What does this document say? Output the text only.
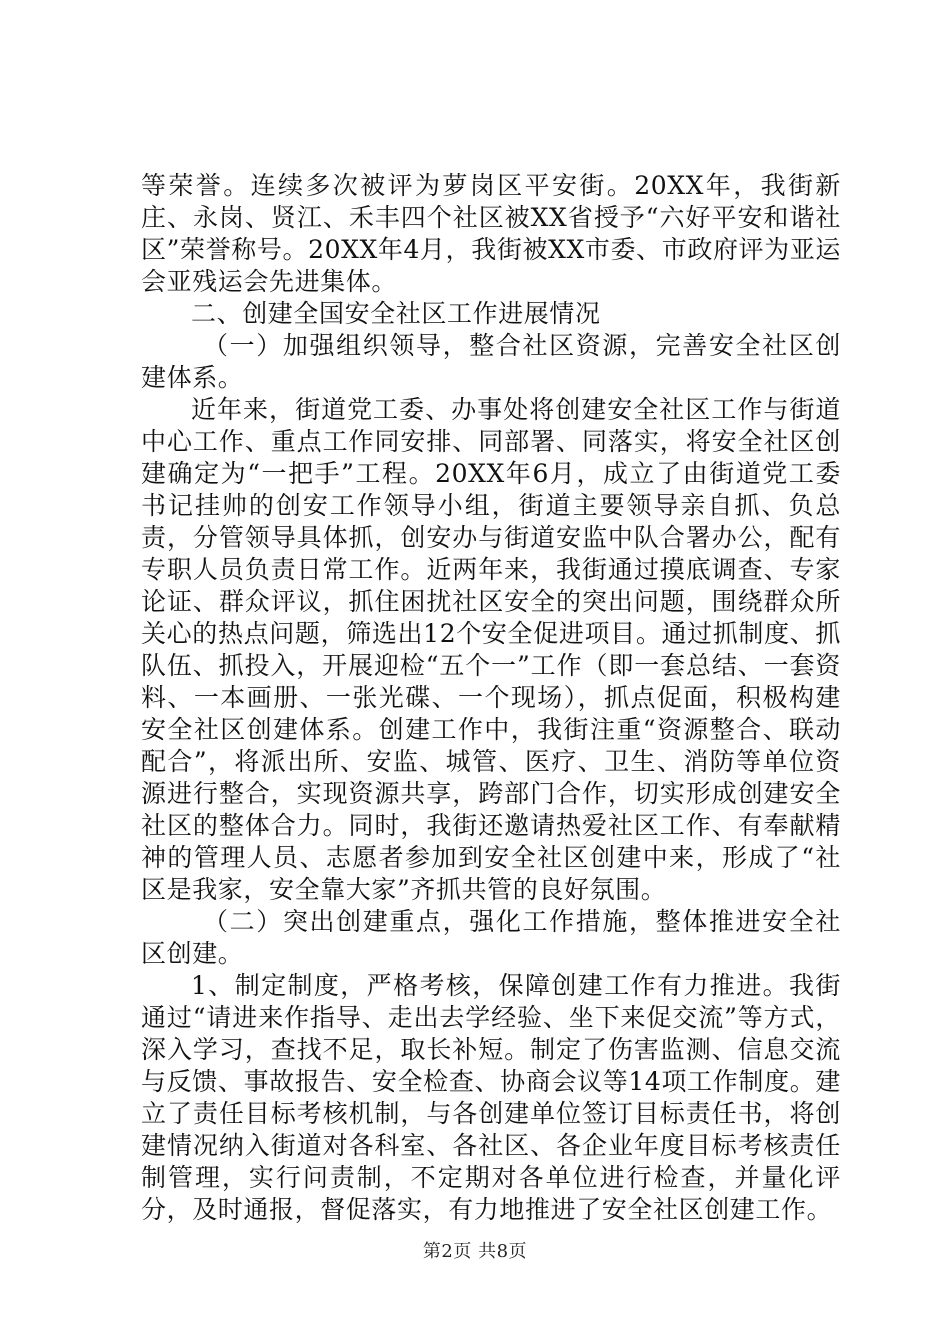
等荣誉。连续多次被评为萝岗区平安街。20XX年，我街新庄、永岗、贤江、禾丰四个社区被XX省授予“六好平安和谐社区”荣誉称号。20XX年4月，我街被XX市委、市政府评为亚运会亚残运会先进集体。

二、创建全国安全社区工作进展情况

（一）加强组织领导，整合社区资源，完善安全社区创建体系。

近年来，街道党工委、办事处将创建安全社区工作与街道中心工作、重点工作同安排、同部署、同落实，将安全社区创建确定为“一把手”工程。20XX年6月，成立了由街道党工委书记挂帅的创安工作领导小组，街道主要领导亲自抓、负总责，分管领导具体抓，创安办与街道安监中队合署办公，配有专职人员负责日常工作。近两年来，我街通过摸底调查、专家论证、群众评议，抓住困扰社区安全的突出问题，围绕群众所关心的热点问题，筛选出12个安全促进项目。通过抓制度、抓队伍、抓投入，开展迎检“五个一”工作（即一套总结、一套资料、一本画册、一张光碟、一个现场），抓点促面，积极构建安全社区创建体系。创建工作中，我街注重“资源整合、联动配合”，将派出所、安监、城管、医疗、卫生、消防等单位资源进行整合，实现资源共享，跨部门合作，切实形成创建安全社区的整体合力。同时，我街还邀请热爱社区工作、有奉献精神的管理人员、志愿者参加到安全社区创建中来，形成了“社区是我家，安全靠大家”齐抓共管的良好氛围。

（二）突出创建重点，强化工作措施，整体推进安全社区创建。

1、制定制度，严格考核，保障创建工作有力推进。我街通过“请进来作指导、走出去学经验、坐下来促交流”等方式，深入学习，查找不足，取长补短。制定了伤害监测、信息交流与反馈、事故报告、安全检查、协商会议等14项工作制度。建立了责任目标考核机制，与各创建单位签订目标责任书，将创建情况纳入街道对各科室、各社区、各企业年度目标考核责任制管理，实行问责制，不定期对各单位进行检查，并量化评分，及时通报，督促落实，有力地推进了安全社区创建工作。

第2页 共8页
